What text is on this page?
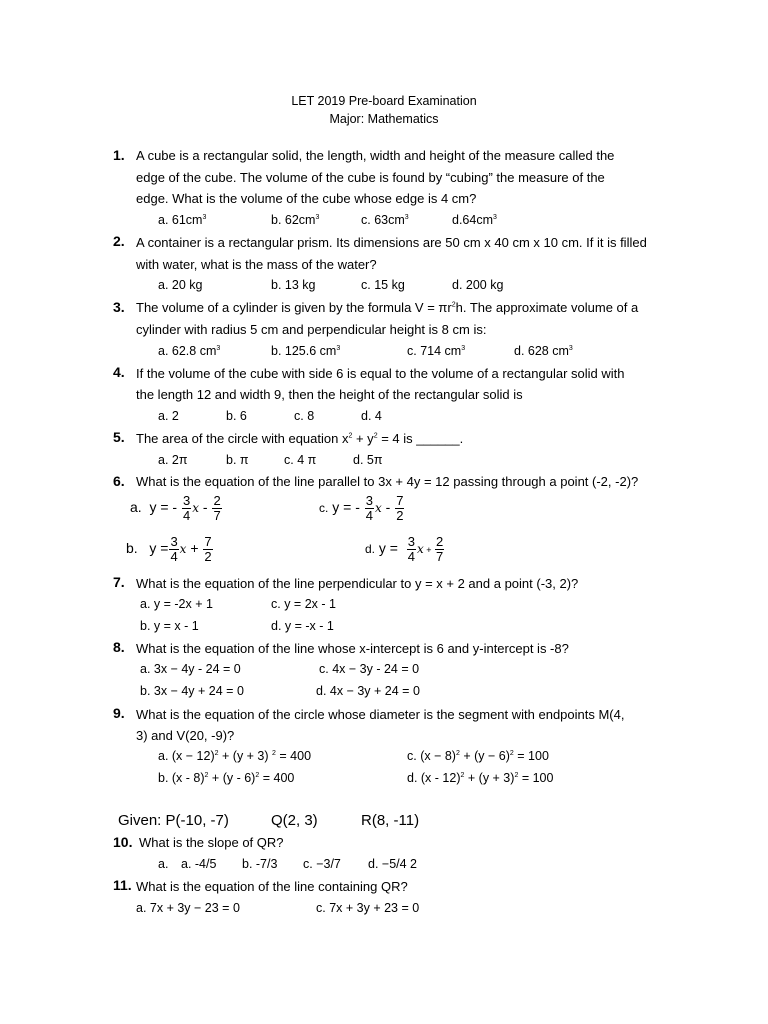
LET 2019 Pre-board Examination
Major: Mathematics
1. A cube is a rectangular solid, the length, width and height of the measure called the
edge of the cube. The volume of the cube is found by “cubing” the measure of the
edge. What is the volume of the cube whose edge is 4 cm?
a. $61cm^3$	b. $62cm^3$	c. $63cm^3$	$d.64cm^3$
2. A container is a rectangular prism. Its dimensions are 50 cm x 40 cm x 10 cm. If it is filled
with water, what is the mass of the water?
a. 20 kg	b. 13 kg	c. 15 kg	d. 200 kg
3. The volume of a cylinder is given by the formula $V = \pi r^2h$. The approximate volume of a
cylinder with radius 5 cm and perpendicular height is 8 cm is:
a. 62.8 $cm^3$	b. 125.6 $cm^3$	c. 714 $cm^3$	d. 628 $cm^3$
4. If the volume of the cube with side 6 is equal to the volume of a rectangular solid with
the length 12 and width 9, then the height of the rectangular solid is
a. 2	b. 6	c. 8	d. 4
5. The area of the circle with equation $x^2 + y^2 = 4$ is ______.
a. 2π	b. π	c. 4 π	d. 5π
6. What is the equation of the line parallel to 3x + 4y = 12 passing through a point (-2, -2)?
a. y = - $\frac{3}{4}$ x - $\frac{2}{7}$	c. y = - $\frac{3}{4}$ x - $\frac{7}{2}$
b. $y = \frac{3}{4}$ $x + \frac{7}{2}$	d. $y = \frac{3}{4}$ $x + \frac{2}{7}$
7. What is the equation of the line perpendicular to y = x + 2 and a point (-3, 2)?
a. y = -2x + 1	c. y = 2x - 1
b. y = x - 1	d. y = -x - 1
8. What is the equation of the line whose x-intercept is 6 and y-intercept is -8?
a. 3x − 4y - 24 = 0	c. 4x − 3y - 24 = 0
b. 3x − 4y + 24 = 0	d. 4x − 3y + 24 = 0
9. What is the equation of the circle whose diameter is the segment with endpoints M(4,
3) and V(20, -9)?
a. $(x - 12)^2 + (y + 3)$ $^2$ = 400	c. $(x - 8)^2 + (y - 6)^2 = 100$
b. (x - 8)$^2$ + (y - 6)$^2$ = 400	d. $(x - 12)^2 + (y + 3)^2 = 100$
Given: P(-10, -7)	Q(2, 3)	R(8, -11)
10. What is the slope of QR?
a. a. -4/5 b. -7/3 c. −3/7 d. −5/4 2
11. What is the equation of the line containing QR?
a. 7x + 3y − 23 = 0	c. 7x + 3y + 23 = 0
